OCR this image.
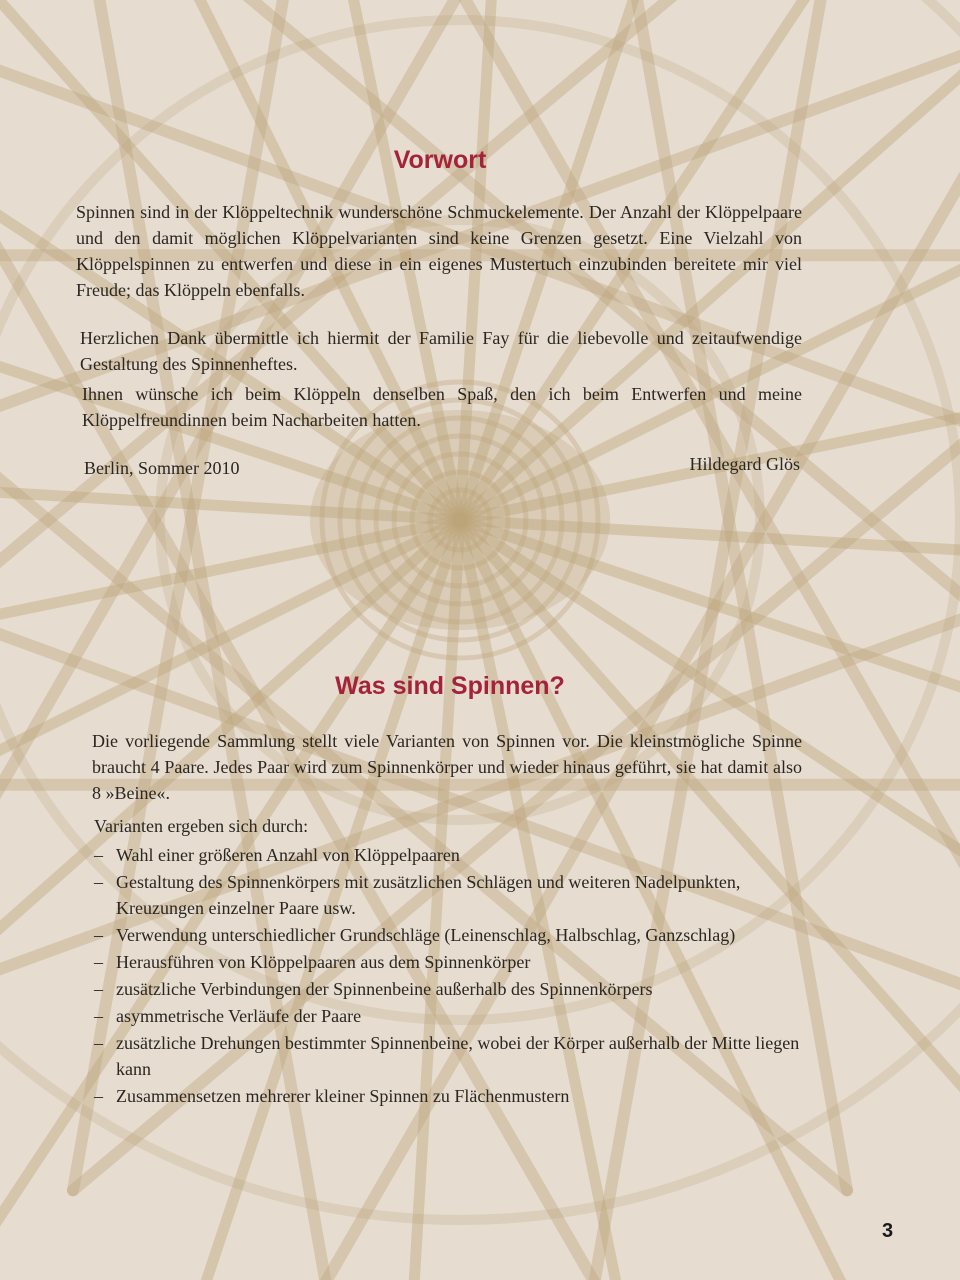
Vorwort

Spinnen sind in der Klöppeltechnik wunderschöne Schmuckelemente. Der Anzahl der Klöppelpaare und den damit möglichen Klöppelvarianten sind keine Grenzen gesetzt. Eine Vielzahl von Klöppelspinnen zu entwerfen und diese in ein eigenes Mustertuch einzubinden bereitete mir viel Freude; das Klöppeln ebenfalls.

Herzlichen Dank übermittle ich hiermit der Familie Fay für die liebevolle und zeitaufwendige Gestaltung des Spinnenheftes.

Ihnen wünsche ich beim Klöppeln denselben Spaß, den ich beim Entwerfen und meine Klöppelfreundinnen beim Nacharbeiten hatten.

Berlin, Sommer 2010	Hildegard Glös
Was sind Spinnen?

Die vorliegende Sammlung stellt viele Varianten von Spinnen vor. Die kleinstmögliche Spinne braucht 4 Paare. Jedes Paar wird zum Spinnenkörper und wieder hinaus geführt, sie hat damit also 8 »Beine«.

Varianten ergeben sich durch:
– Wahl einer größeren Anzahl von Klöppelpaaren
– Gestaltung des Spinnenkörpers mit zusätzlichen Schlägen und weiteren Nadelpunkten, Kreuzungen einzelner Paare usw.
– Verwendung unterschiedlicher Grundschläge (Leinenschlag, Halbschlag, Ganzschlag)
– Herausführen von Klöppelpaaren aus dem Spinnenkörper
– zusätzliche Verbindungen der Spinnenbeine außerhalb des Spinnenkörpers
– asymmetrische Verläufe der Paare
– zusätzliche Drehungen bestimmter Spinnenbeine, wobei der Körper außerhalb der Mitte liegen kann
– Zusammensetzen mehrerer kleiner Spinnen zu Flächenmustern
3
